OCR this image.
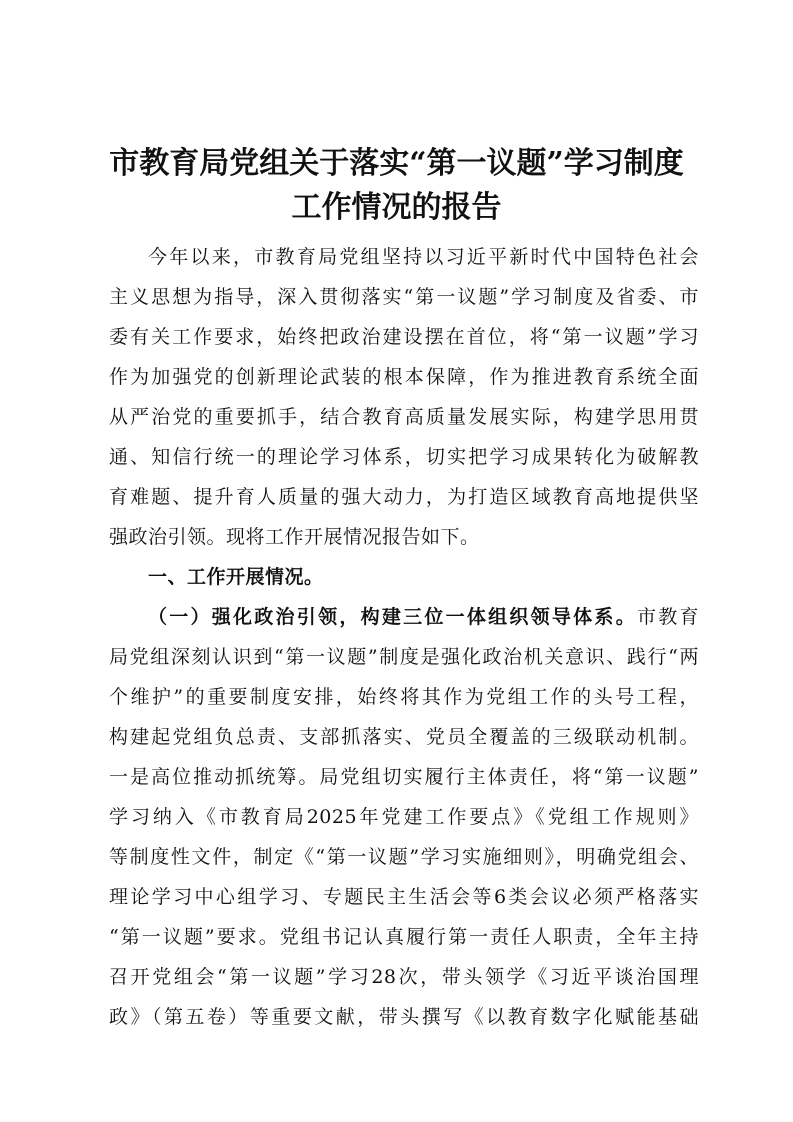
市教育局党组关于落实“第一议题”学习制度
工作情况的报告
今年以来，市教育局党组坚持以习近平新时代中国特色社会
主义思想为指导，深入贯彻落实“第一议题”学习制度及省委、市
委有关工作要求，始终把政治建设摆在首位，将“第一议题”学习
作为加强党的创新理论武装的根本保障，作为推进教育系统全面
从严治党的重要抓手，结合教育高质量发展实际，构建学思用贯
通、知信行统一的理论学习体系，切实把学习成果转化为破解教
育难题、提升育人质量的强大动力，为打造区域教育高地提供坚
强政治引领。现将工作开展情况报告如下。
一、工作开展情况。
（一）强化政治引领，构建三位一体组织领导体系。市教育
局党组深刻认识到“第一议题”制度是强化政治机关意识、践行“两
个维护”的重要制度安排，始终将其作为党组工作的头号工程，
构建起党组负总责、支部抓落实、党员全覆盖的三级联动机制。
一是高位推动抓统筹。局党组切实履行主体责任，将“第一议题”
学习纳入《市教育局2025年党建工作要点》《党组工作规则》
等制度性文件，制定《“第一议题”学习实施细则》，明确党组会、
理论学习中心组学习、专题民主生活会等6类会议必须严格落实
“第一议题”要求。党组书记认真履行第一责任人职责，全年主持
召开党组会“第一议题”学习28次，带头领学《习近平谈治国理
政》（第五卷）等重要文献，带头撰写《以教育数字化赋能基础
